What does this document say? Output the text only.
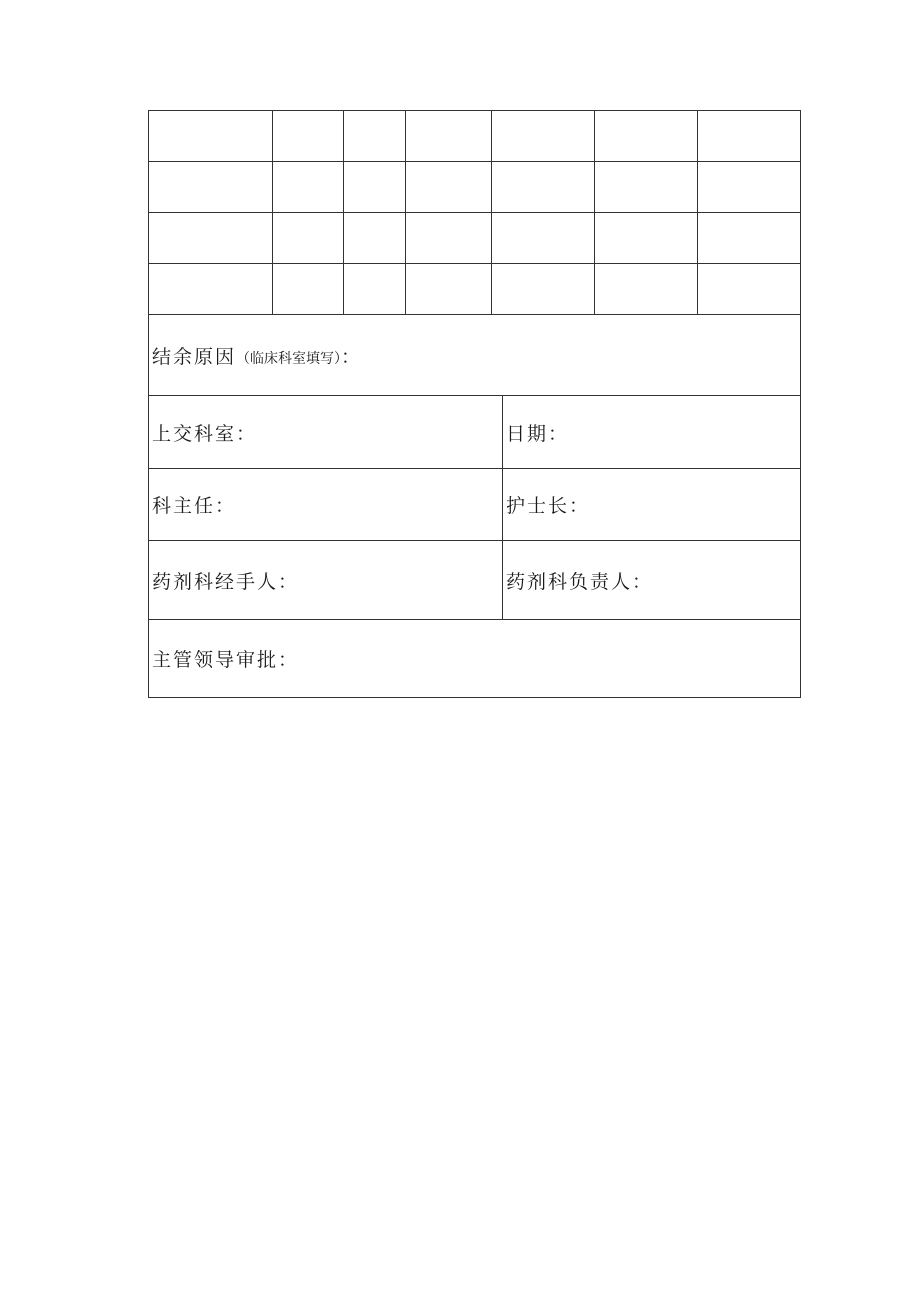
结余原因（临床科室填写）：							
上交科室：					日期：		
科主任：					护士长：		
药剂科经手人：					药剂科负责人：		
主管领导审批：							
